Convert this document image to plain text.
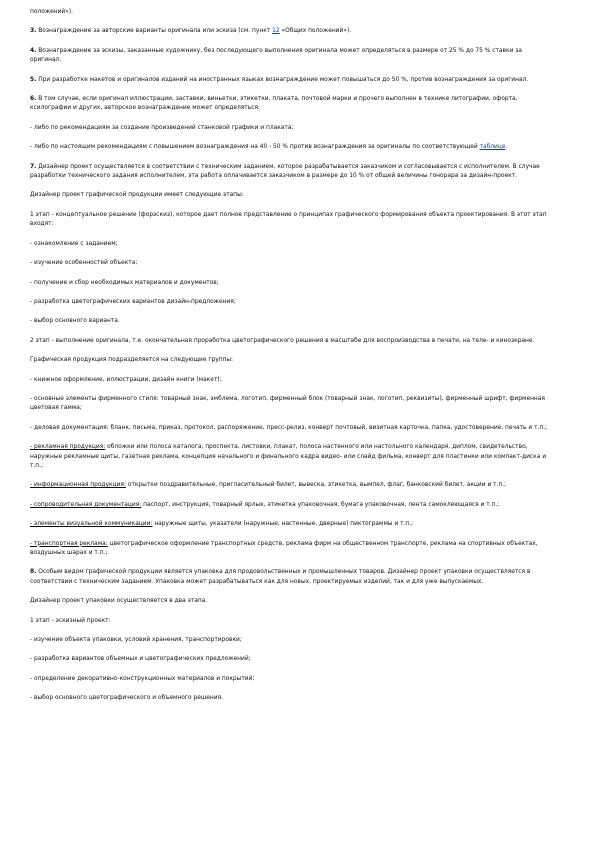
положений»).

3. Вознаграждение за авторские варианты оригинала или эскиза (см. пункт 12 «Общих положений»).

4. Вознаграждение за эскизы, заказанные художнику, без последующего выполнения оригинала может определяться в размере от 25 % до 75 % ставки за оригинал.

5. При разработке макетов и оригиналов изданий на иностранных языках вознаграждение может повышаться до 50 %, против вознаграждения за оригинал.

6. В том случае, если оригинал иллюстрации, заставки, виньетки, этикетки, плаката, почтовой марки и прочего выполнен в технике литографии, офорта, ксилографии и других, авторское вознаграждение может определяться:

- либо по рекомендациям за создание произведений станковой графики и плаката;

- либо по настоящим рекомендациям с повышением вознаграждения на 40 - 50 % против вознаграждения за оригиналы по соответствующей таблице.

7. Дизайнер проект осуществляется в соответствии с техническим заданием, которое разрабатывается заказчиком и согласовывается с исполнителем. В случае разработки технического задания исполнителем, эта работа оплачивается заказчиком в размере до 10 % от общей величины гонорара за дизайн-проект.

Дизайнер проект графической продукции имеет следующие этапы:

1 этап - концептуальное решение (форэскиз), которое дает полное представление о принципах графического формирования объекта проектирования. В этот этап входят:

- ознакомление с заданием;

- изучение особенностей объекта;

- получение и сбор необходимых материалов и документов;

- разработка цветографических вариантов дизайн-предложения;

- выбор основного варианта.

2 этап - выполнение оригинала, т.е. окончательная проработка цветографического решения в масштабе для воспроизводства в печати, на теле- и кинозкране.

Графическая продукция подразделяется на следующие группы:

- книжное оформление, иллюстрации, дизайн книги (макет);

- основные элементы фирменного стиля: товарный знак, эмблема, логотип, фирменный блок (товарный знак, логотип, реквизиты), фирменный шрифт, фирменная цветовая гамма;

- деловая документация: бланк, письма, приказ, протокол, распоряжение, пресс-релиз, конверт почтовый, визитная карточка, папка, удостоверение, печать и т.п.;

- рекламная продукция: обложки или полоса каталога, проспекта, листовки, плакат, полоса настенного или настольного календаря, диплом, свидетельство, наружные рекламные щиты, газетная реклама, концепция начального и финального кадра видео- или слайд фильма, конверт для пластинки или компакт-диска и т.п.;

- информационная продукция: открытки поздравительные, пригласительный билет, вывеска, этикетка, вымпел, флаг, банковский билет, акции и т.п.;

- сопроводительная документация: паспорт, инструкция, товарный ярлык, этикетка упаковочная, бумага упаковочная, лента самоклеющаяся и т.п.;

- элементы визуальной коммуникации: наружные щиты, указатели (наружные, настенные, дверные) пиктограммы и т.п.;

- транспортная реклама: цветографическое оформление транспортных средств, реклама фирм на общественном транспорте, реклама на спортивных объектах, воздушных шарах и т.п.;

8. Особым видом графической продукции является упаковка для продовольственных и промышленных товаров. Дизайнер проект упаковки осуществляется в соответствии с техническим заданием. Упаковка может разрабатываться как для новых, проектируемых изделий, так и для уже выпускаемых.

Дизайнер проект упаковки осуществляется в два этапа.

1 этап - эскизный проект:

- изучение объекта упаковки, условий хранения, транспортировки;

- разработка вариантов объемных и цветографических предложений;

- определение декоративно-конструкционных материалов и покрытий;

- выбор основного цветографического и объемного решения.
